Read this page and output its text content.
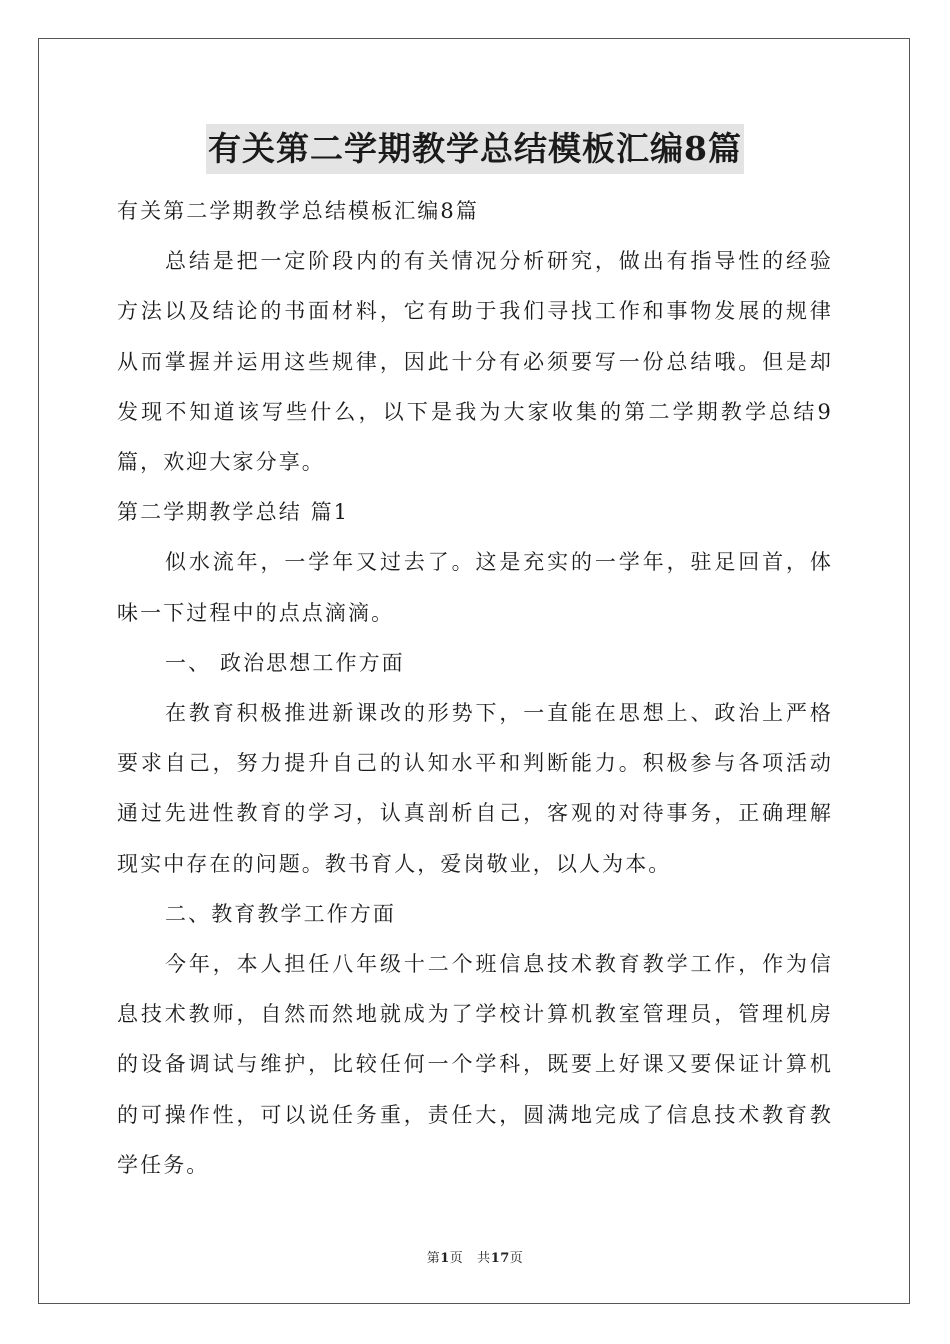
有关第二学期教学总结模板汇编8篇

有关第二学期教学总结模板汇编8篇

总结是把一定阶段内的有关情况分析研究，做出有指导性的经验方法以及结论的书面材料，它有助于我们寻找工作和事物发展的规律从而掌握并运用这些规律，因此十分有必须要写一份总结哦。但是却发现不知道该写些什么，以下是我为大家收集的第二学期教学总结9篇，欢迎大家分享。

第二学期教学总结 篇1

似水流年，一学年又过去了。这是充实的一学年，驻足回首，体味一下过程中的点点滴滴。

一、 政治思想工作方面

在教育积极推进新课改的形势下，一直能在思想上、政治上严格要求自己，努力提升自己的认知水平和判断能力。积极参与各项活动通过先进性教育的学习，认真剖析自己，客观的对待事务，正确理解现实中存在的问题。教书育人，爱岗敬业，以人为本。

二、教育教学工作方面

今年，本人担任八年级十二个班信息技术教育教学工作，作为信息技术教师，自然而然地就成为了学校计算机教室管理员，管理机房的设备调试与维护，比较任何一个学科，既要上好课又要保证计算机的可操作性，可以说任务重，责任大，圆满地完成了信息技术教育教学任务。

第1页 共17页
